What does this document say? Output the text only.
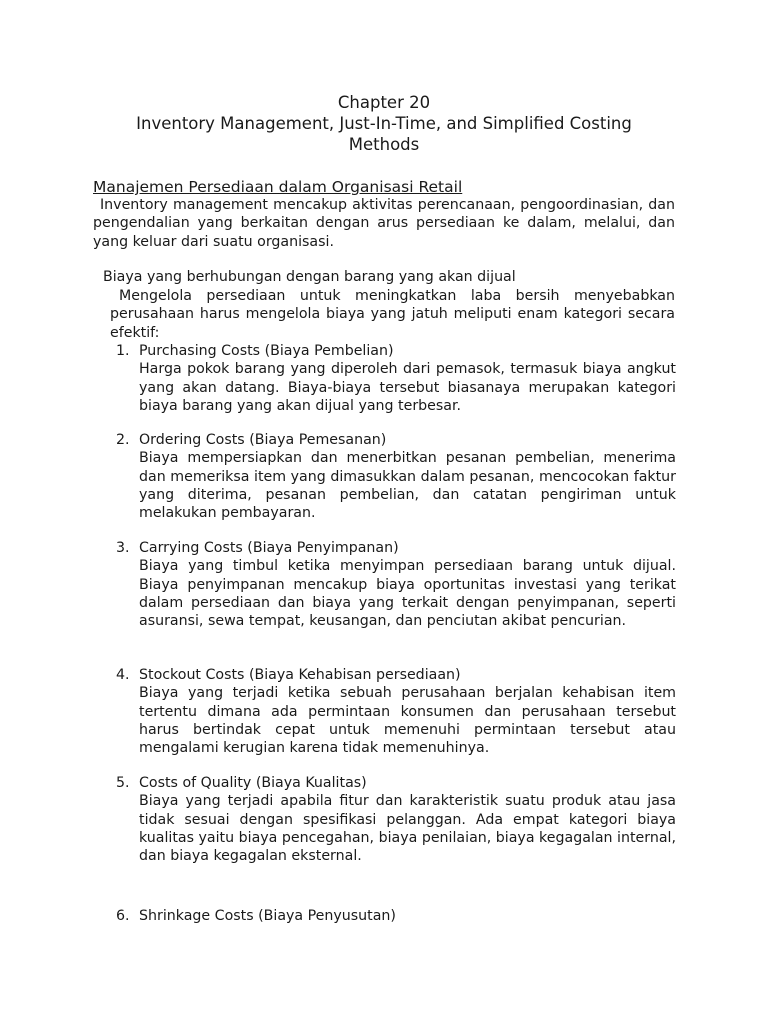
Chapter 20
Inventory Management, Just-In-Time, and Simplified Costing
Methods
Manajemen Persediaan dalam Organisasi Retail
Inventory management mencakup aktivitas perencanaan, pengoordinasian, dan pengendalian yang berkaitan dengan arus persediaan ke dalam, melalui, dan yang keluar dari suatu organisasi.
Biaya yang berhubungan dengan barang yang akan dijual
Mengelola persediaan untuk meningkatkan laba bersih menyebabkan perusahaan harus mengelola biaya yang jatuh meliputi enam kategori secara efektif:
1. Purchasing Costs (Biaya Pembelian)
Harga pokok barang yang diperoleh dari pemasok, termasuk biaya angkut yang akan datang. Biaya-biaya tersebut biasanaya merupakan kategori biaya barang yang akan dijual yang terbesar.
2. Ordering Costs (Biaya Pemesanan)
Biaya mempersiapkan dan menerbitkan pesanan pembelian, menerima dan memeriksa item yang dimasukkan dalam pesanan, mencocokan faktur yang diterima, pesanan pembelian, dan catatan pengiriman untuk melakukan pembayaran.
3. Carrying Costs (Biaya Penyimpanan)
Biaya yang timbul ketika menyimpan persediaan barang untuk dijual. Biaya penyimpanan mencakup biaya oportunitas investasi yang terikat dalam persediaan dan biaya yang terkait dengan penyimpanan, seperti asuransi, sewa tempat, keusangan, dan penciutan akibat pencurian.
4. Stockout Costs (Biaya Kehabisan persediaan)
Biaya yang terjadi ketika sebuah perusahaan berjalan kehabisan item tertentu dimana ada permintaan konsumen dan perusahaan tersebut harus bertindak cepat untuk memenuhi permintaan tersebut atau mengalami kerugian karena tidak memenuhinya.
5. Costs of Quality (Biaya Kualitas)
Biaya yang terjadi apabila fitur dan karakteristik suatu produk atau jasa tidak sesuai dengan spesifikasi pelanggan. Ada empat kategori biaya kualitas yaitu biaya pencegahan, biaya penilaian, biaya kegagalan internal, dan biaya kegagalan eksternal.
6. Shrinkage Costs (Biaya Penyusutan)
